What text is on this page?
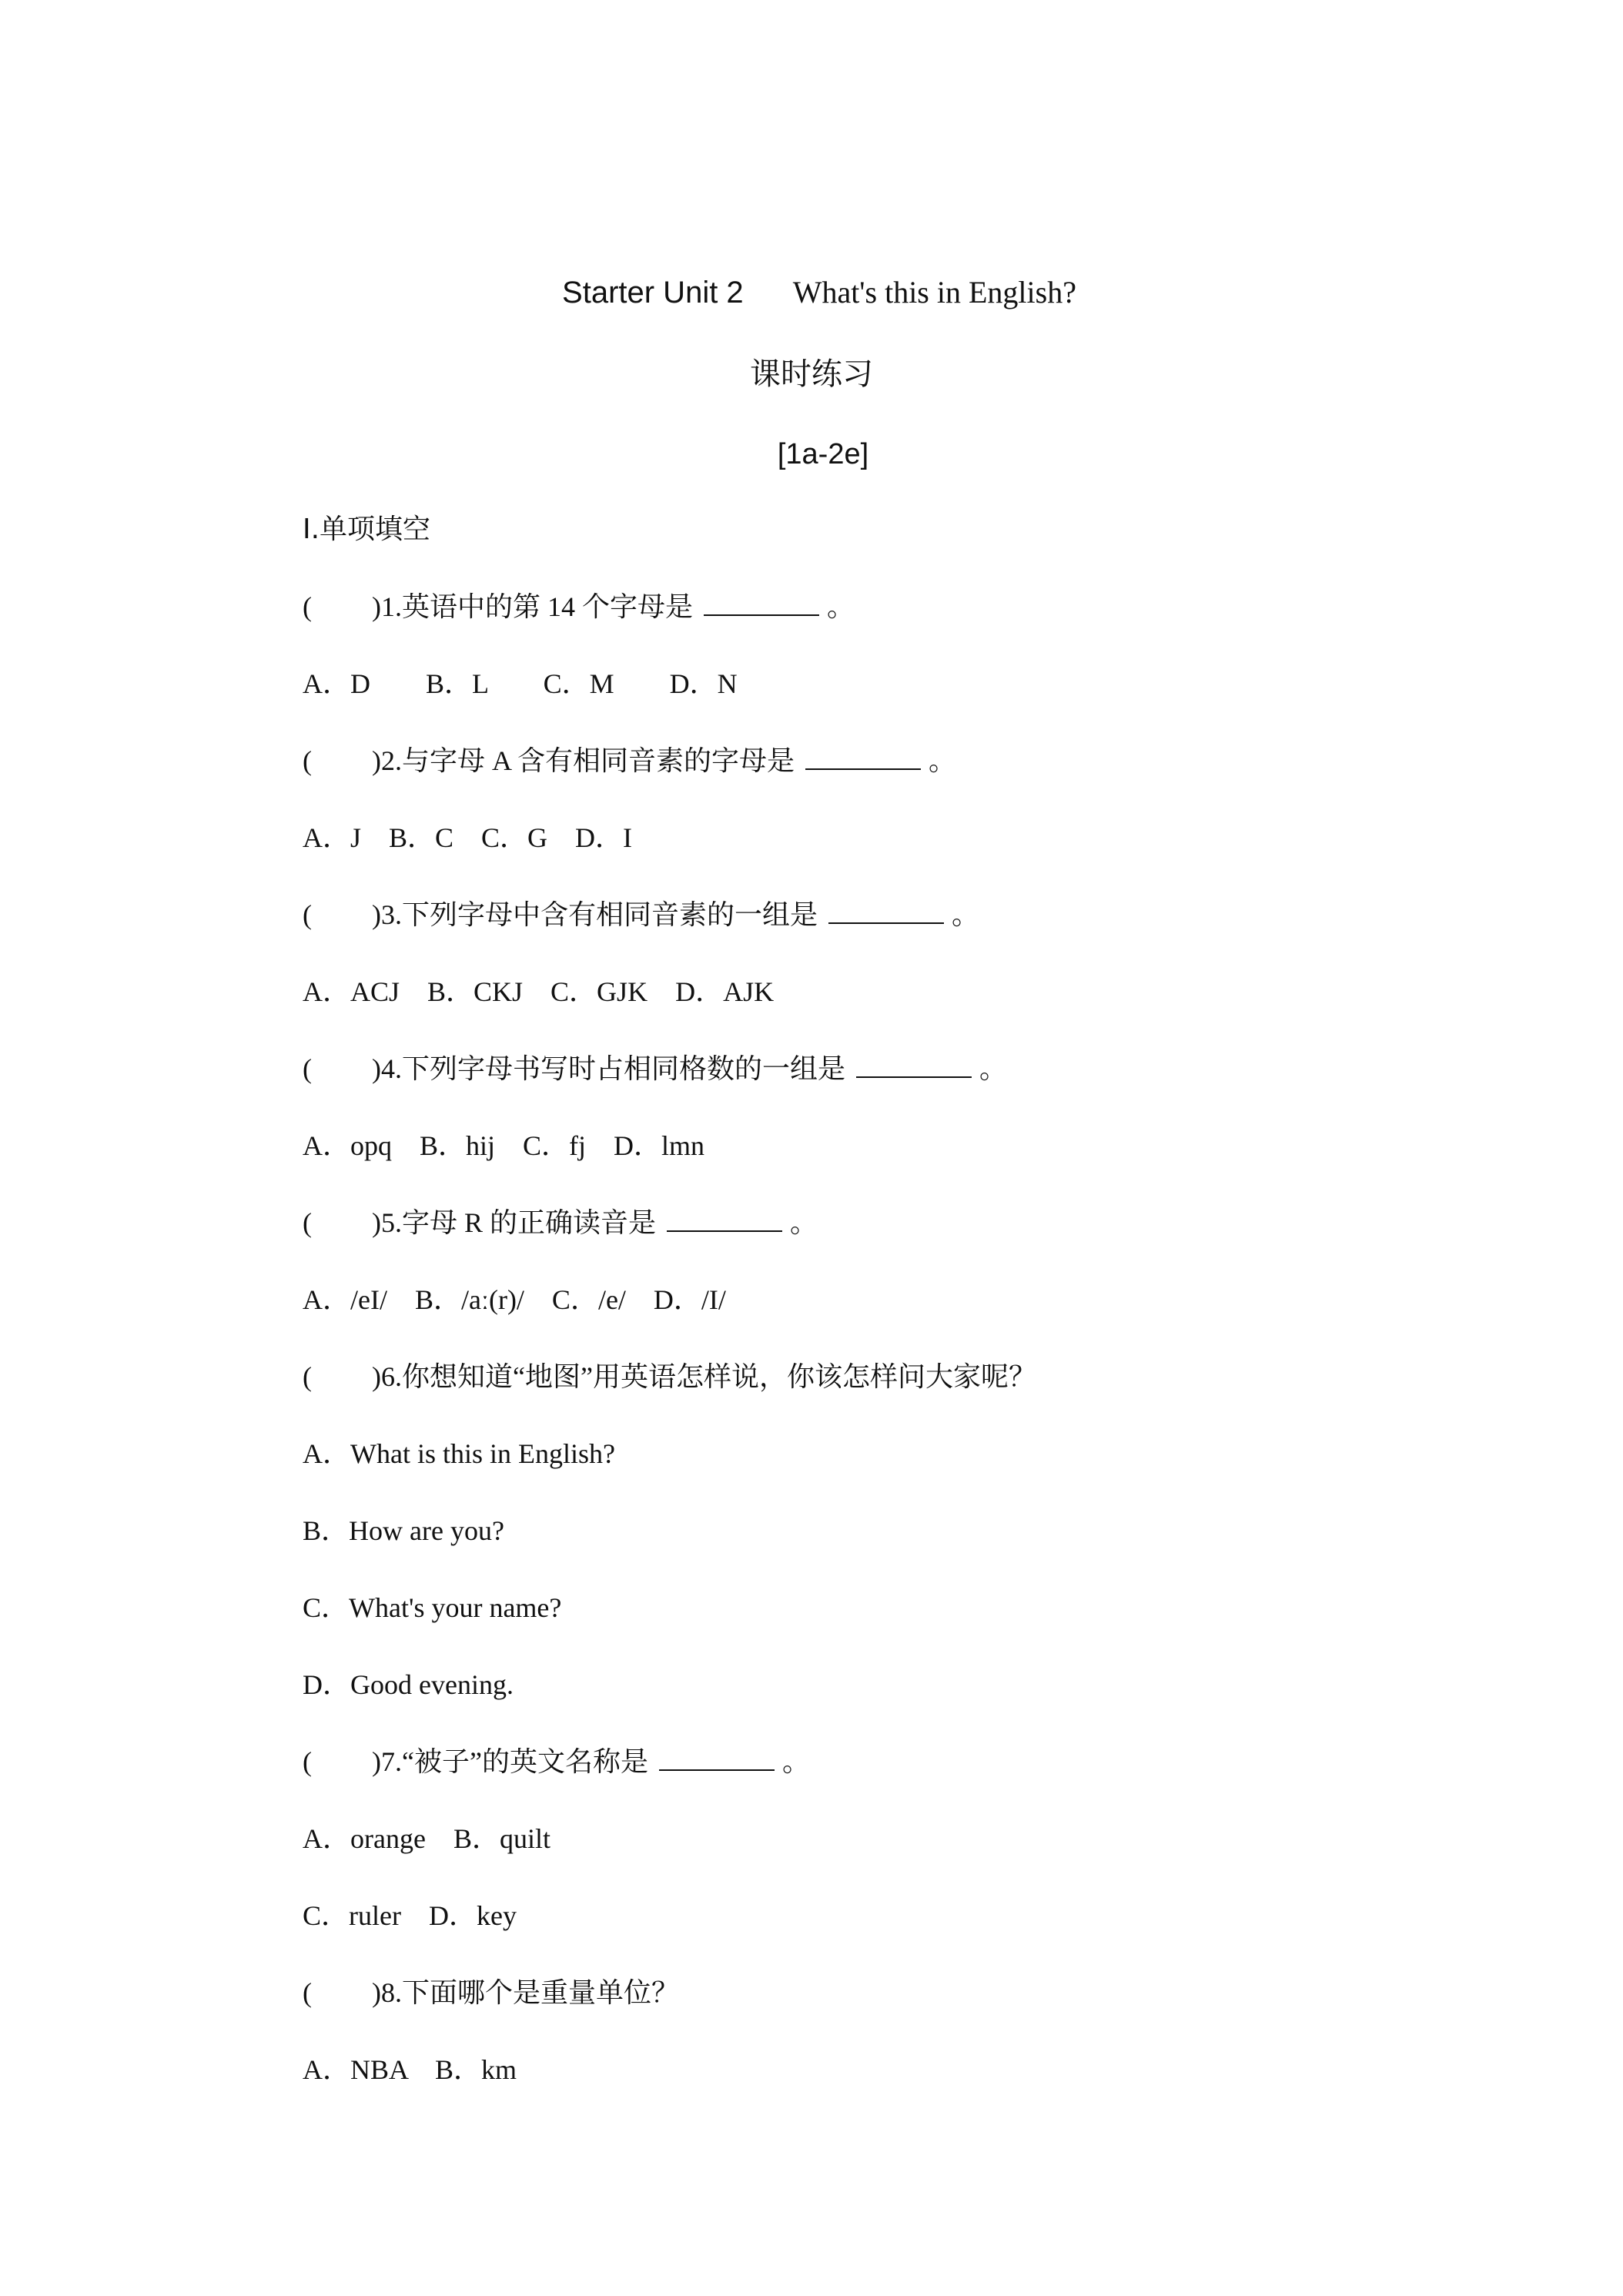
Starter Unit 2 What's this in English?
课时练习
[1a-2e]
Ⅰ.单项填空
( )1.英语中的第 14 个字母是	。
A．D　　B．L　　C．M　　D．N
( )2.与字母 A 含有相同音素的字母是	。
A．J　B．C　C．G　D．I
( )3.下列字母中含有相同音素的一组是	。
A．ACJ　B．CKJ　C．GJK　D．AJK
( )4.下列字母书写时占相同格数的一组是	。
A．opq　B．hij　C．fj　D．lmn
( )5.字母 R 的正确读音是	。
A．/eI/　B．/aː(r)/　C．/e/　D．/I/
( )6.你想知道“地图”用英语怎样说，你该怎样问大家呢？
A．What is this in English?
B．How are you?
C．What's your name?
D．Good evening.
( )7.“被子”的英文名称是	。
A．orange　B．quilt
C．ruler　D．key
( )8.下面哪个是重量单位？
A．NBA　B．km
